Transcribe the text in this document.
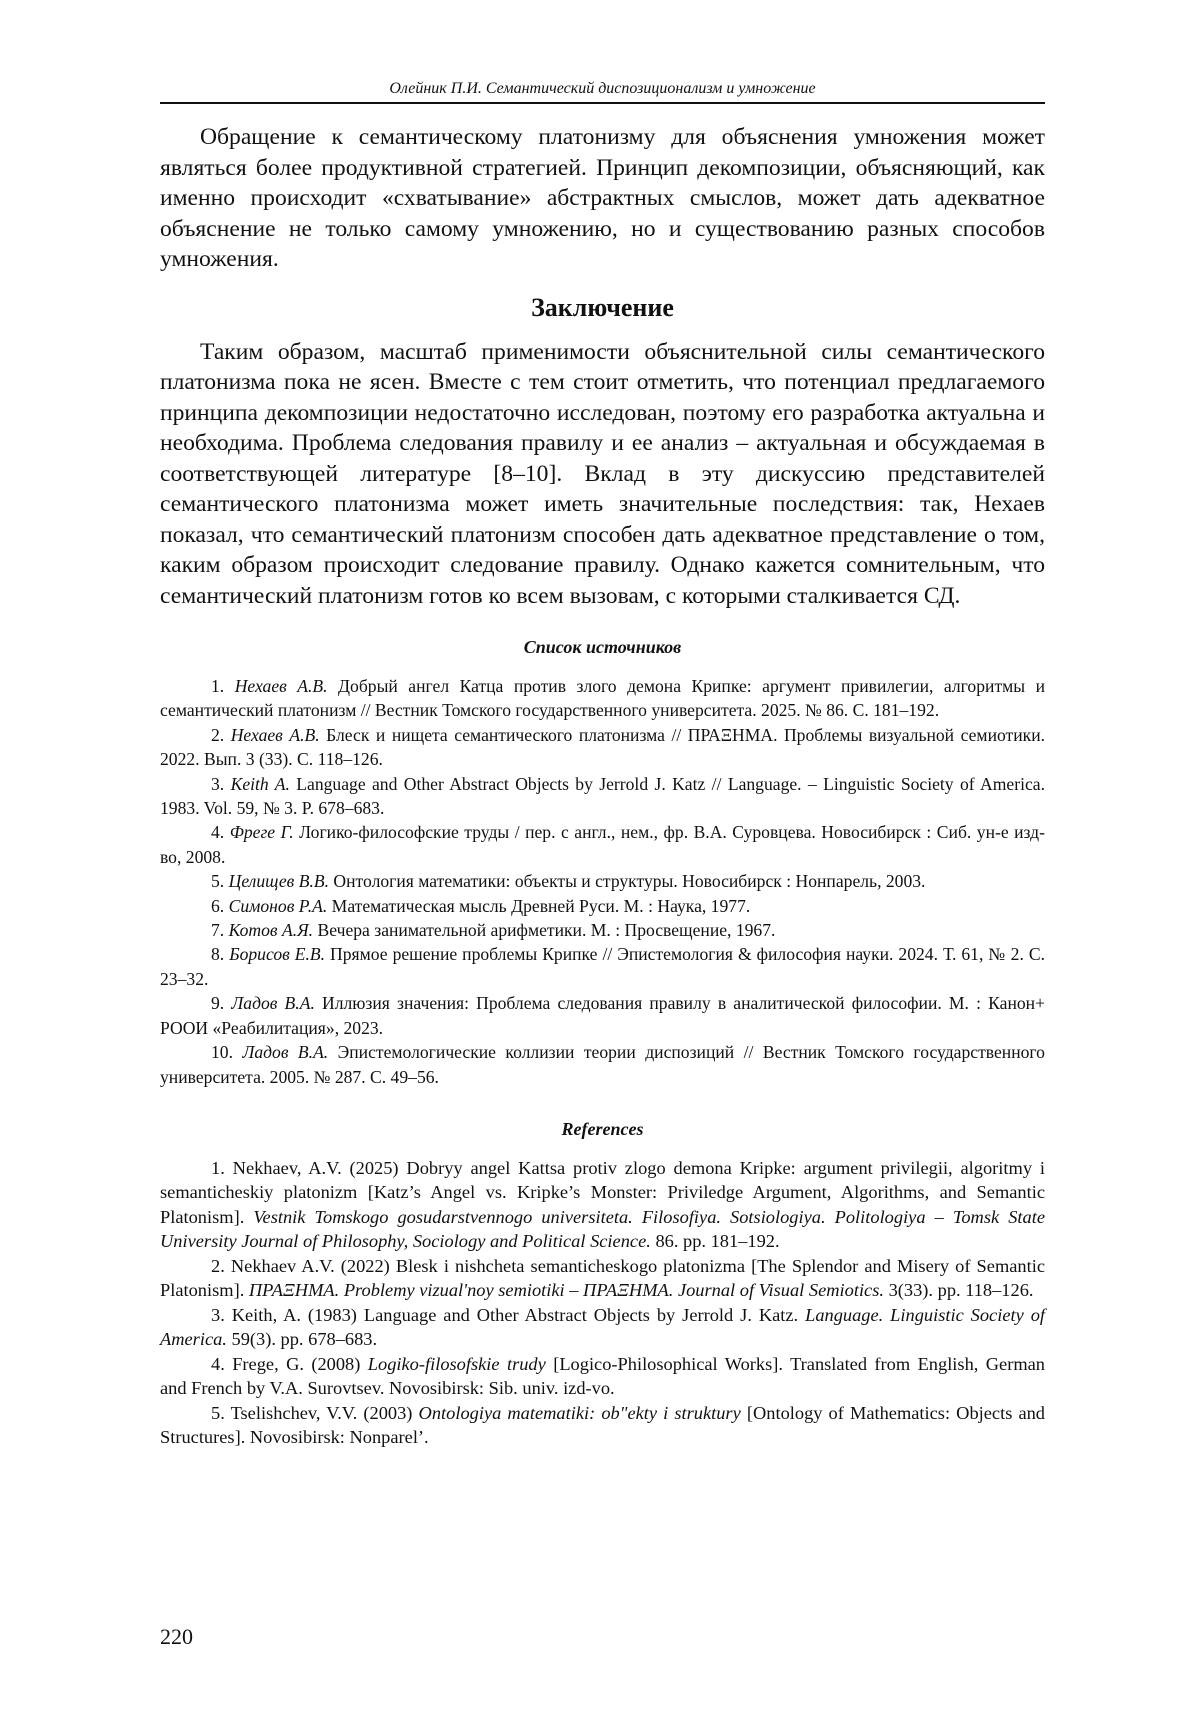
Олейник П.И. Семантический диспозиционализм и умножение

Обращение к семантическому платонизму для объяснения умножения может являться более продуктивной стратегией. Принцип декомпозиции, объясняющий, как именно происходит «схватывание» абстрактных смыслов, может дать адекватное объяснение не только самому умножению, но и существованию разных способов умножения.

Заключение

Таким образом, масштаб применимости объяснительной силы семантического платонизма пока не ясен. Вместе с тем стоит отметить, что потенциал предлагаемого принципа декомпозиции недостаточно исследован, поэтому его разработка актуальна и необходима. Проблема следования правилу и ее анализ – актуальная и обсуждаемая в соответствующей литературе [8–10]. Вклад в эту дискуссию представителей семантического платонизма может иметь значительные последствия: так, Нехаев показал, что семантический платонизм способен дать адекватное представление о том, каким образом происходит следование правилу. Однако кажется сомнительным, что семантический платонизм готов ко всем вызовам, с которыми сталкивается СД.

Список источников

1. Нехаев А.В. Добрый ангел Катца против злого демона Крипке: аргумент привилегии, алгоритмы и семантический платонизм // Вестник Томского государственного университета. 2025. № 86. С. 181–192.

2. Нехаев А.В. Блеск и нищета семантического платонизма // ПРАΞHMA. Проблемы визуальной семиотики. 2022. Вып. 3 (33). С. 118–126.

3. Keith A. Language and Other Abstract Objects by Jerrold J. Katz // Language. – Linguistic Society of America. 1983. Vol. 59, № 3. P. 678–683.

4. Фреге Г. Логико-философские труды / пер. с англ., нем., фр. В.А. Суровцева. Новосибирск : Сиб. ун-е изд-во, 2008.

5. Целищев В.В. Онтология математики: объекты и структуры. Новосибирск : Нонпарель, 2003.

6. Симонов Р.А. Математическая мысль Древней Руси. М. : Наука, 1977.

7. Котов А.Я. Вечера занимательной арифметики. М. : Просвещение, 1967.

8. Борисов Е.В. Прямое решение проблемы Крипке // Эпистемология & философия науки. 2024. Т. 61, № 2. С. 23–32.

9. Ладов В.А. Иллюзия значения: Проблема следования правилу в аналитической философии. М. : Канон+ РООИ «Реабилитация», 2023.

10. Ладов В.А. Эпистемологические коллизии теории диспозиций // Вестник Томского государственного университета. 2005. № 287. С. 49–56.

References

1. Nekhaev, A.V. (2025) Dobryy angel Kattsa protiv zlogo demona Kripke: argument privilegii, algoritmy i semanticheskiy platonizm [Katz’s Angel vs. Kripke’s Monster: Priviledge Argument, Algorithms, and Semantic Platonism]. Vestnik Tomskogo gosudarstvennogo universiteta. Filosofiya. Sotsiologiya. Politologiya – Tomsk State University Journal of Philosophy, Sociology and Political Science. 86. pp. 181–192.

2. Nekhaev A.V. (2022) Blesk i nishcheta semanticheskogo platonizma [The Splendor and Misery of Semantic Platonism]. ПРАΞHMA. Problemy vizual'noy semiotiki – ПРАΞHMA. Journal of Visual Semiotics. 3(33). pp. 118–126.

3. Keith, A. (1983) Language and Other Abstract Objects by Jerrold J. Katz. Language. Linguistic Society of America. 59(3). pp. 678–683.

4. Frege, G. (2008) Logiko-filosofskie trudy [Logico-Philosophical Works]. Translated from English, German and French by V.A. Surovtsev. Novosibirsk: Sib. univ. izd-vo.

5. Tselishchev, V.V. (2003) Ontologiya matematiki: ob"ekty i struktury [Ontology of Mathematics: Objects and Structures]. Novosibirsk: Nonparel’.

220
